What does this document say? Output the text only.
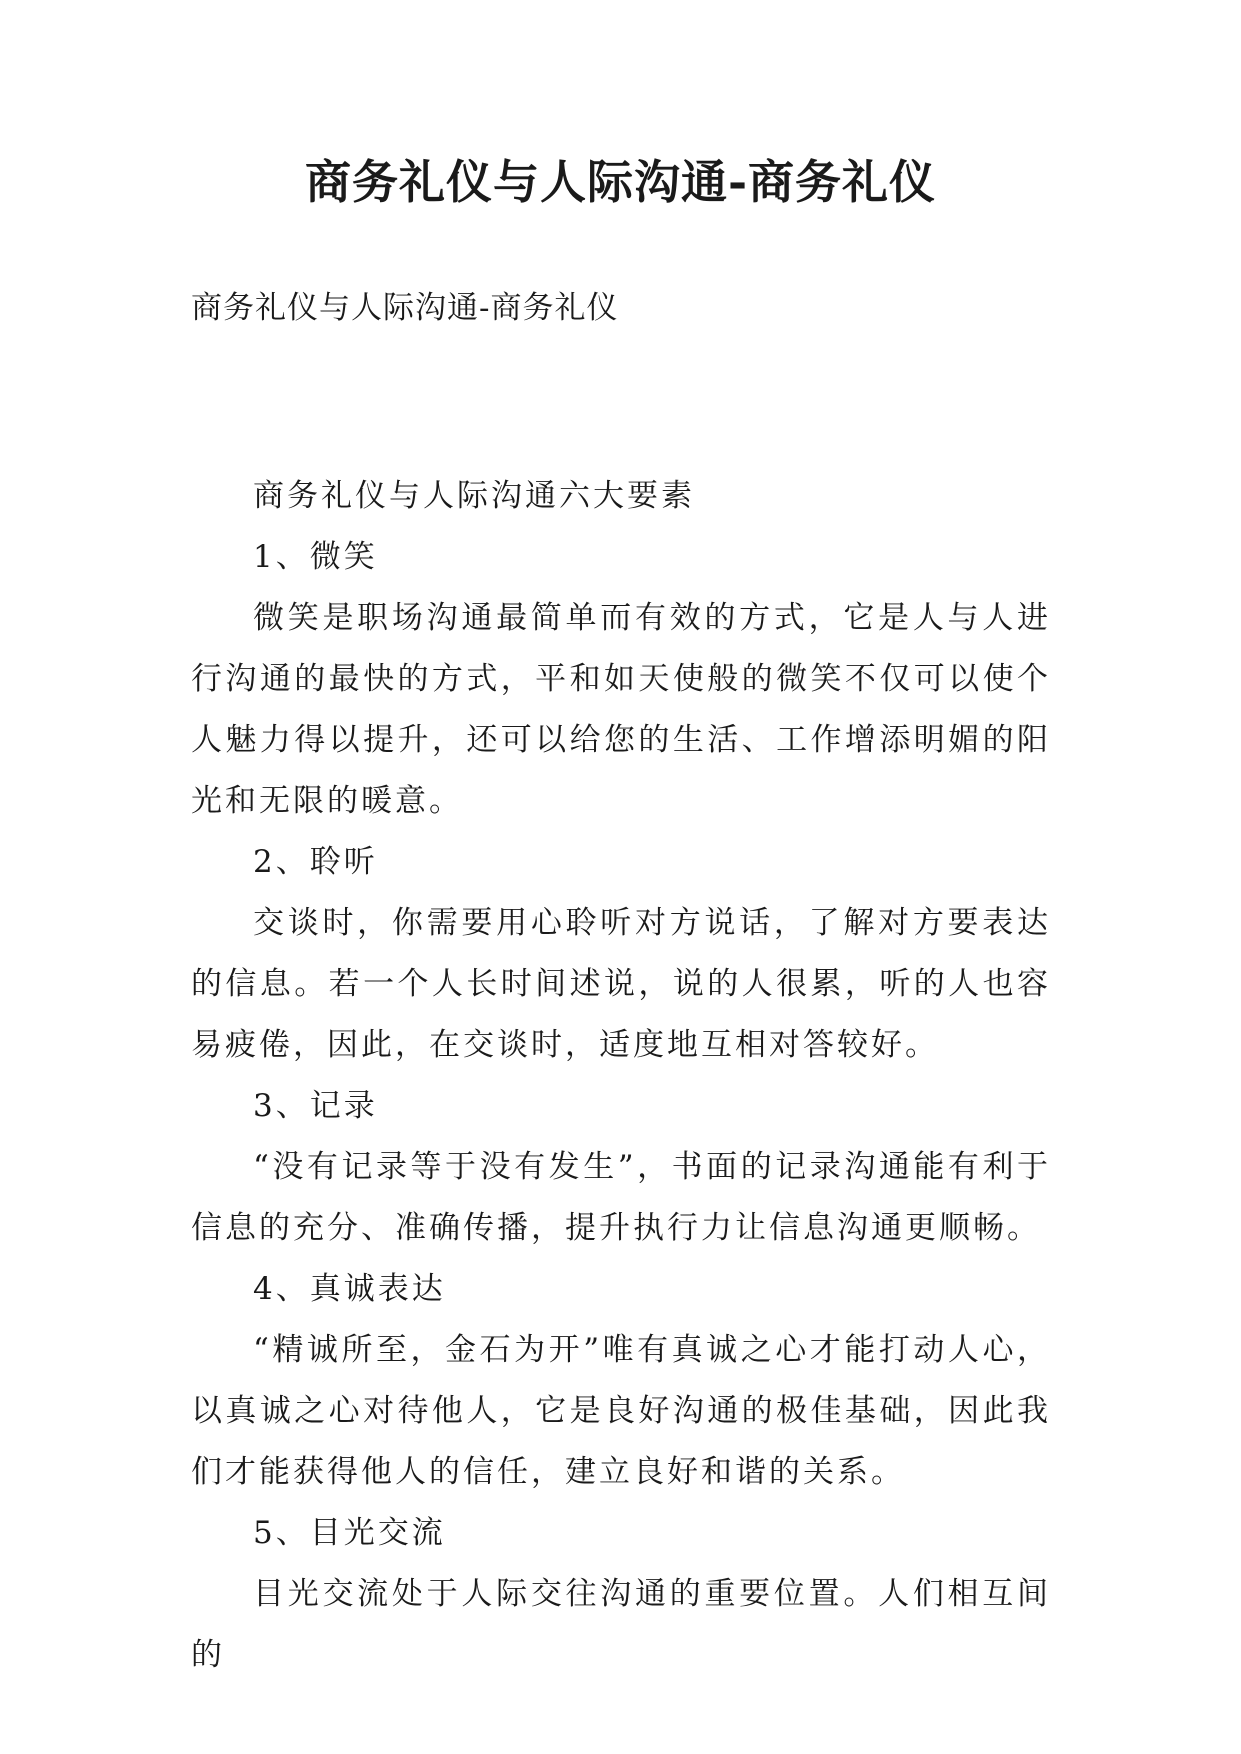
商务礼仪与人际沟通-商务礼仪
商务礼仪与人际沟通-商务礼仪

商务礼仪与人际沟通六大要素

1、微笑

微笑是职场沟通最简单而有效的方式，它是人与人进行沟通的最快的方式，平和如天使般的微笑不仅可以使个人魅力得以提升，还可以给您的生活、工作增添明媚的阳光和无限的暖意。

2、聆听

交谈时，你需要用心聆听对方说话，了解对方要表达的信息。若一个人长时间述说，说的人很累，听的人也容易疲倦，因此，在交谈时，适度地互相对答较好。

3、记录

“没有记录等于没有发生”，书面的记录沟通能有利于信息的充分、准确传播，提升执行力让信息沟通更顺畅。

4、真诚表达

“精诚所至，金石为开”唯有真诚之心才能打动人心，以真诚之心对待他人，它是良好沟通的极佳基础，因此我们才能获得他人的信任，建立良好和谐的关系。

5、目光交流

目光交流处于人际交往沟通的重要位置。人们相互间的
